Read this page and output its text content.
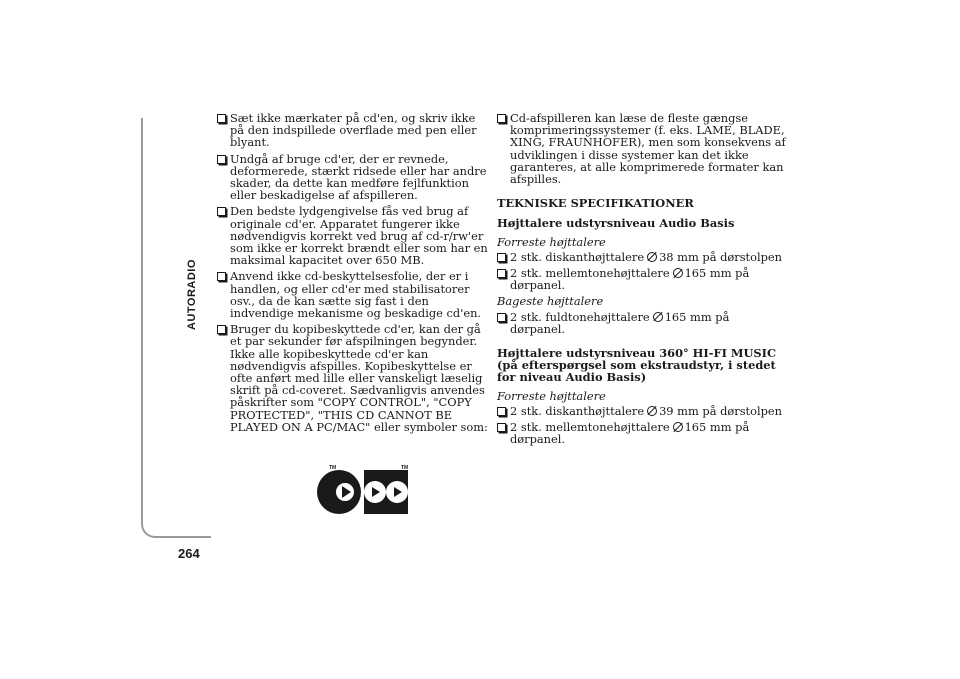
AUTORADIO
264
Sæt ikke mærkater på cd'en, og skriv ikke på den indspillede overflade med pen eller blyant.
Undgå af bruge cd'er, der er revnede, deformerede, stærkt ridsede eller har andre skader, da dette kan medføre fejlfunktion eller beskadigelse af afspilleren.
Den bedste lydgengivelse fås ved brug af originale cd'er. Apparatet fungerer ikke nødvendigvis korrekt ved brug af cd-r/rw'er som ikke er korrekt brændt eller som har en maksimal kapacitet over 650 MB.
Anvend ikke cd-beskyttelsesfolie, der er i handlen, og eller cd'er med stabilisatorer osv., da de kan sætte sig fast i den indvendige mekanisme og beskadige cd'en.
Bruger du kopibeskyttede cd'er, kan der gå et par sekunder før afspilningen begynder. Ikke alle kopibeskyttede cd'er kan nødvendigvis afspilles. Kopibeskyttelse er ofte anført med lille eller vanskeligt læselig skrift på cd-coveret. Sædvanligvis anvendes påskrifter som "COPY CONTROL", "COPY PROTECTED", "THIS CD CANNOT BE PLAYED ON A PC/MAC" eller symboler som:
TM	TM
Cd-afspilleren kan læse de fleste gængse komprimeringssystemer (f. eks. LAME, BLADE, XING, FRAUNHOFER), men som konsekvens af udviklingen i disse systemer kan det ikke garanteres, at alle komprimerede formater kan afspilles.
TEKNISKE SPECIFIKATIONER
Højttalere udstyrsniveau Audio Basis
Forreste højttalere
2 stk. diskanthøjttalere 38 mm på dørstolpen
2 stk. mellemtonehøjttalere 165 mm på dørpanel.
Bageste højttalere
2 stk. fuldtonehøjttalere 165 mm på dørpanel.
Højttalere udstyrsniveau 360° HI-FI MUSIC (på efterspørgsel som ekstraudstyr, i stedet for niveau Audio Basis)
Forreste højttalere
2 stk. diskanthøjttalere 39 mm på dørstolpen
2 stk. mellemtonehøjttalere 165 mm på dørpanel.
